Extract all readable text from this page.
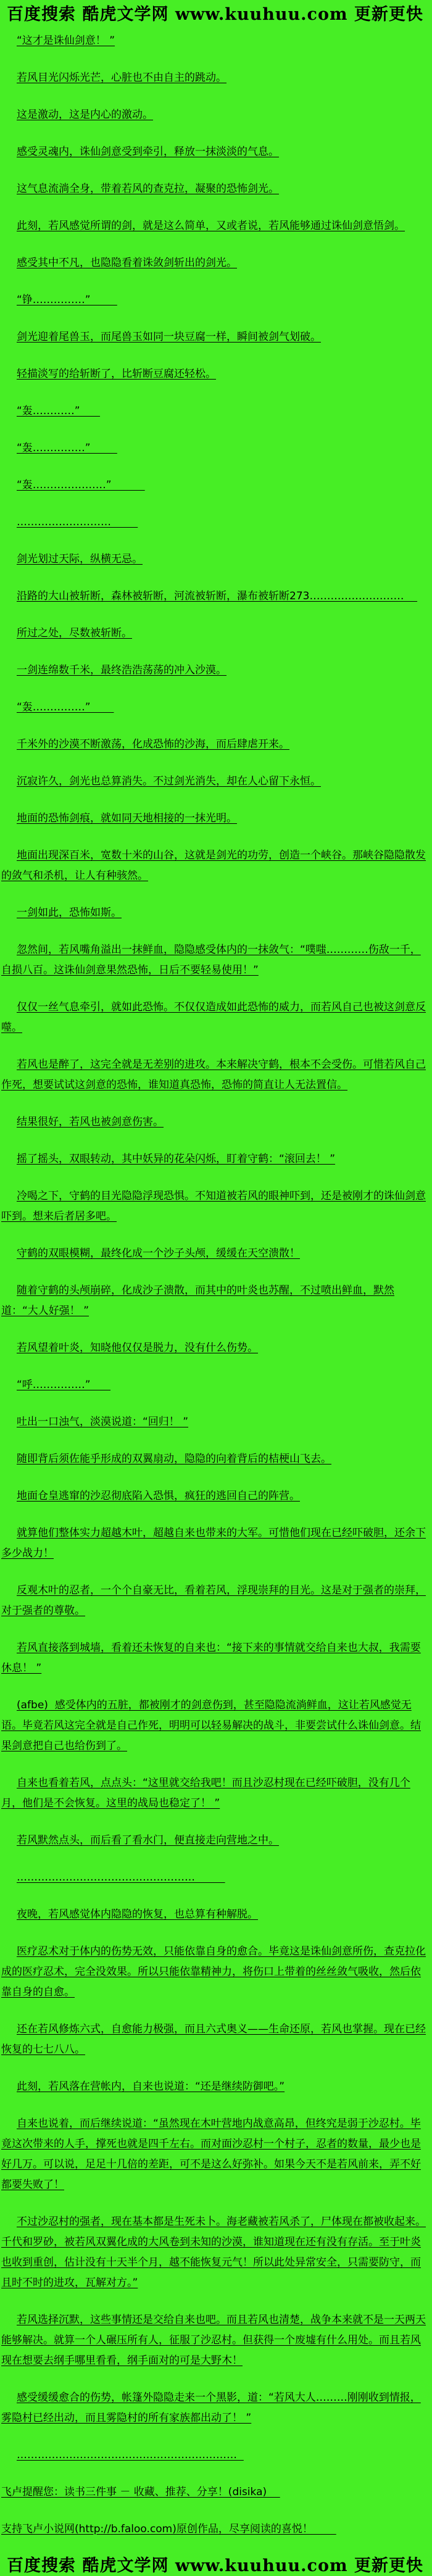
百度搜索 酷虎文学网 www.kuuhuu.com 更新更快

“这才是诛仙剑意！ ”

若风目光闪烁光芒，心脏也不由自主的跳动。

这是激动，这是内心的激动。

感受灵魂内，诛仙剑意受到牵引，释放一抹淡淡的气息。

这气息流淌全身，带着若风的查克拉，凝聚的恐怖剑光。

此刻，若风感觉所谓的剑，就是这么简单，又或者说，若风能够通过诛仙剑意悟剑。

感受其中不凡，也隐隐看着诛敛剑斩出的剑光。

“铮……………”

剑光迎着尾兽玉，而尾兽玉如同一块豆腐一样，瞬间被剑气划破。

轻描淡写的给斩断了，比斩断豆腐还轻松。

“轰…………”

“轰……………”

“轰…………………”

………………………

剑光划过天际，纵横无忌。

沿路的大山被斩断，森林被斩断，河流被斩断，瀑布被斩断273………………………

所过之处，尽数被斩断。

一剑连绵数千米，最终浩浩荡荡的冲入沙漠。

“轰……………”

千米外的沙漠不断激荡，化成恐怖的沙海，而后肆虐开来。

沉寂许久，剑光也总算消失。不过剑光消失，却在人心留下永恒。

地面的恐怖剑痕，就如同天地相接的一抹光明。

地面出现深百米，宽数十米的山谷，这就是剑光的功劳，创造一个峡谷。那峡谷隐隐散发的敛气和杀机，让人有种骇然。

一剑如此，恐怖如斯。

忽然间，若风嘴角溢出一抹鲜血，隐隐感受体内的一抹敛气：“噗嗤…………伤敌一千，自损八百。这诛仙剑意果然恐怖，日后不要轻易使用！”

仅仅一丝气息牵引，就如此恐怖。不仅仅造成如此恐怖的威力，而若风自己也被这剑意反噬。

若风也是醉了，这完全就是无差别的进攻。本来解决守鹤，根本不会受伤。可惜若风自己作死，想要试试这剑意的恐怖，谁知道真恐怖，恐怖的简直让人无法置信。

结果很好，若风也被剑意伤害。

摇了摇头，双眼转动，其中妖异的花朵闪烁，盯着守鹤：“滚回去！ ”

冷喝之下，守鹤的目光隐隐浮现恐惧。不知道被若风的眼神吓到，还是被刚才的诛仙剑意吓到。想来后者居多吧。

守鹤的双眼模糊，最终化成一个沙子头颅，缓缓在天空溃散！

随着守鹤的头颅崩碎，化成沙子溃散，而其中的叶炎也苏醒，不过喷出鲜血，默然道：“大人好强！ ”

若风望着叶炎，知晓他仅仅是脱力，没有什么伤势。

“呼……………”

吐出一口浊气，淡漠说道：“回归！ ”

随即背后须佐能乎形成的双翼扇动，隐隐的向着背后的桔梗山飞去。

地面仓皇逃窜的沙忍彻底陷入恐惧，疯狂的逃回自己的阵营。

就算他们整体实力超越木叶，超越自来也带来的大军。可惜他们现在已经吓破胆，还余下多少战力！

反观木叶的忍者，一个个自豪无比，看着若风，浮现崇拜的目光。这是对于强者的崇拜，对于强者的尊敬。

若风直接落到城墙，看着还未恢复的自来也：“接下来的事情就交给自来也大叔，我需要休息！ ”

(afbe)  感受体内的五脏，都被刚才的剑意伤到，甚至隐隐流淌鲜血，这让若风感觉无语。毕竟若风这完全就是自己作死，明明可以轻易解决的战斗，非要尝试什么诛仙剑意。结果剑意把自己也给伤到了。

自来也看着若风，点点头：“这里就交给我吧！而且沙忍村现在已经吓破胆，没有几个月，他们是不会恢复。这里的战局也稳定了！ ”

若风默然点头，而后看了看水门，便直接走向营地之中。

……………………………………………

夜晚，若风感觉体内隐隐的恢复，也总算有种解脱。

医疗忍术对于体内的伤势无效，只能依靠自身的愈合。毕竟这是诛仙剑意所伤，查克拉化成的医疗忍术，完全没效果。所以只能依靠精神力，将伤口上带着的丝丝敛气吸收，然后依靠自身的自愈。

还在若风修炼六式，自愈能力极强，而且六式奥义——生命还原，若风也掌握。现在已经恢复的七七八八。

此刻，若风落在营帐内，自来也说道：“还是继续防御吧。”

自来也说着，而后继续说道：“虽然现在木叶营地内战意高昂，但终究是弱于沙忍村。毕竟这次带来的人手，撑死也就是四千左右。而对面沙忍村一个村子，忍者的数量，最少也是好几万。可以说，足足十几倍的差距，可不是这么好弥补。如果今天不是若风前来，弄不好都要失败了！

不过沙忍村的强者，现在基本都是生死未卜。海老藏被若风杀了，尸体现在都被收起来。千代和罗砂，被若风双翼化成的大风卷到未知的沙漠，谁知道现在还有没有存活。至于叶炎也收到重创，估计没有十天半个月，越不能恢复元气！所以此处异常安全，只需要防守，而且时不时的进攻，瓦解对方。”

若风选择沉默，这些事情还是交给自来也吧。而且若风也清楚，战争本来就不是一天两天能够解决。就算一个人碾压所有人，征服了沙忍村。但获得一个废墟有什么用处。而且若风现在想要去纲手哪里看看，纲手面对的可是大野木！

感受缓缓愈合的伤势，帐篷外隐隐走来一个黑影，道：“若风大人………刚刚收到情报，雾隐村已经出动，而且雾隐村的所有家族都出动了！ ”

………………………………………………………

飞卢提醒您：读书三件事 － 收藏、推荐、分享！(disika)

支持飞卢小说网(http://b.faloo.com)原创作品，尽享阅读的喜悦！

百度搜索 酷虎文学网 www.kuuhuu.com 更新更快
